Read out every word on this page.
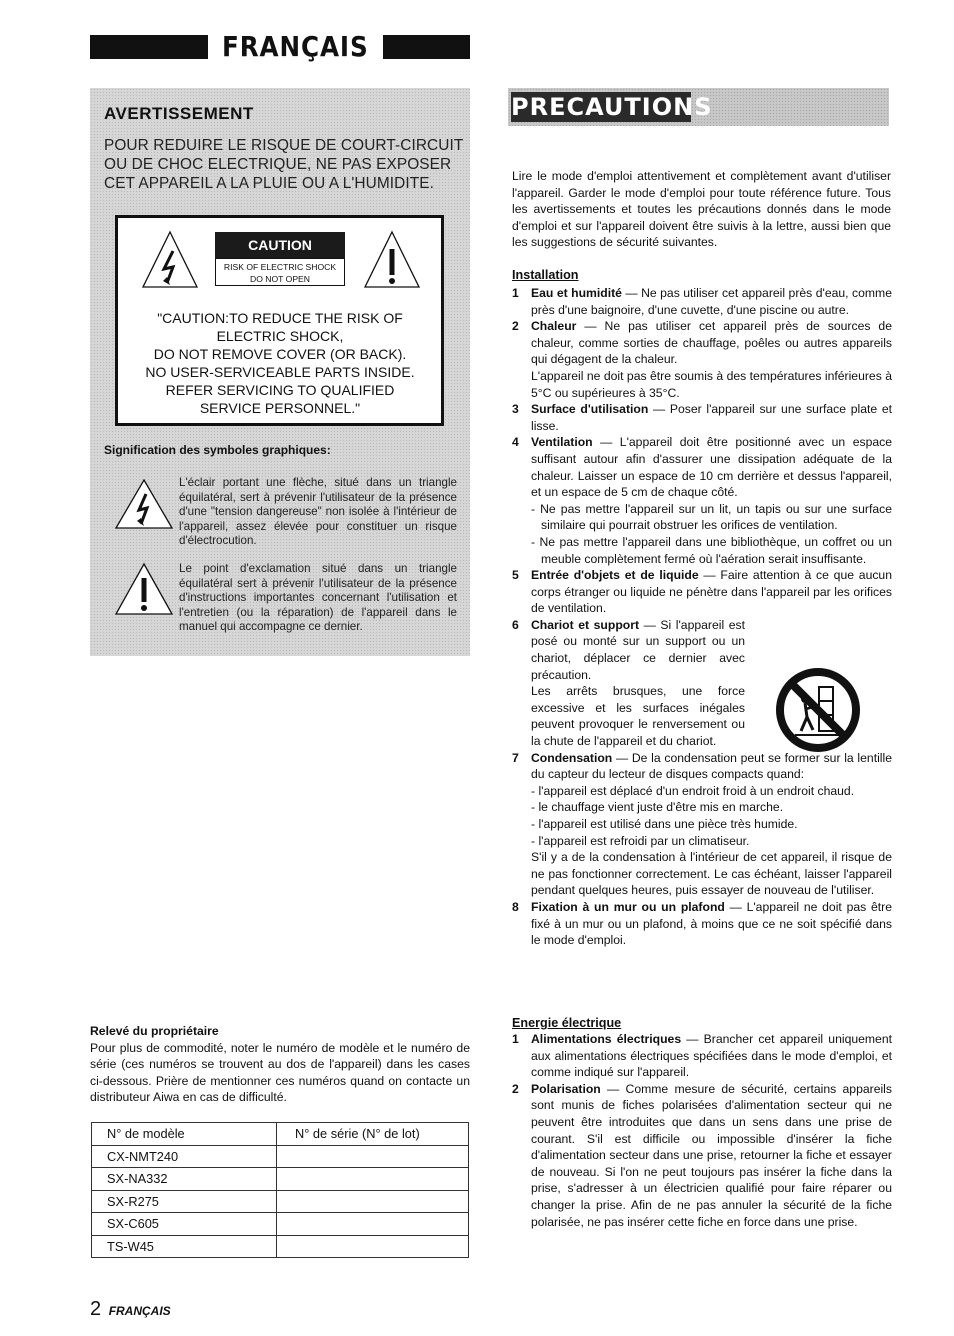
FRANÇAIS
AVERTISSEMENT
POUR REDUIRE LE RISQUE DE COURT-CIRCUIT
OU DE CHOC ELECTRIQUE, NE PAS EXPOSER
CET APPAREIL A LA PLUIE OU A L'HUMIDITE.
CAUTION
RISK OF ELECTRIC SHOCK
DO NOT OPEN
"CAUTION:TO REDUCE THE RISK OF
ELECTRIC SHOCK,
DO NOT REMOVE COVER (OR BACK).
NO USER-SERVICEABLE PARTS INSIDE.
REFER SERVICING TO QUALIFIED
SERVICE PERSONNEL."
Signification des symboles graphiques:
L'éclair portant une flèche, situé dans un triangle équilatéral, sert à prévenir l'utilisateur de la présence d'une "tension dangereuse" non isolée à l'intérieur de l'appareil, assez élevée pour constituer un risque d'électrocution.
Le point d'exclamation situé dans un triangle équilatéral sert à prévenir l'utilisateur de la présence d'instructions importantes concernant l'utilisation et l'entretien (ou la réparation) de l'appareil dans le manuel qui accompagne ce dernier.
Relevé du propriétaire
Pour plus de commodité, noter le numéro de modèle et le numéro de série (ces numéros se trouvent au dos de l'appareil) dans les cases ci-dessous. Prière de mentionner ces numéros quand on contacte un distributeur Aiwa en cas de difficulté.
N° de modèle	N° de série (N° de lot)
CX-NMT240	
SX-NA332	
SX-R275	
SX-C605	
TS-W45	
2 FRANÇAIS
PRECAUTIONS
Lire le mode d'emploi attentivement et complètement avant d'utiliser l'appareil. Garder le mode d'emploi pour toute référence future. Tous les avertissements et toutes les précautions donnés dans le mode d'emploi et sur l'appareil doivent être suivis à la lettre, aussi bien que les suggestions de sécurité suivantes.
Installation
1	Eau et humidité — Ne pas utiliser cet appareil près d'eau, comme près d'une baignoire, d'une cuvette, d'une piscine ou autre.
2	Chaleur — Ne pas utiliser cet appareil près de sources de chaleur, comme sorties de chauffage, poêles ou autres appareils qui dégagent de la chaleur.
L'appareil ne doit pas être soumis à des températures inférieures à 5°C ou supérieures à 35°C.
3	Surface d'utilisation — Poser l'appareil sur une surface plate et lisse.
4	Ventilation — L'appareil doit être positionné avec un espace suffisant autour afin d'assurer une dissipation adéquate de la chaleur. Laisser un espace de 10 cm derrière et dessus l'appareil, et un espace de 5 cm de chaque côté.
- Ne pas mettre l'appareil sur un lit, un tapis ou sur une surface similaire qui pourrait obstruer les orifices de ventilation.
- Ne pas mettre l'appareil dans une bibliothèque, un coffret ou un meuble complètement fermé où l'aération serait insuffisante.
5	Entrée d'objets et de liquide — Faire attention à ce que aucun corps étranger ou liquide ne pénètre dans l'appareil par les orifices de ventilation.
6	Chariot et support — Si l'appareil est posé ou monté sur un support ou un chariot, déplacer ce dernier avec précaution.
Les arrêts brusques, une force excessive et les surfaces inégales peuvent provoquer le renversement ou la chute de l'appareil et du chariot.
7	Condensation — De la condensation peut se former sur la lentille du capteur du lecteur de disques compacts quand:
- l'appareil est déplacé d'un endroit froid à un endroit chaud.
- le chauffage vient juste d'être mis en marche.
- l'appareil est utilisé dans une pièce très humide.
- l'appareil est refroidi par un climatiseur.
S'il y a de la condensation à l'intérieur de cet appareil, il risque de ne pas fonctionner correctement. Le cas échéant, laisser l'appareil pendant quelques heures, puis essayer de nouveau de l'utiliser.
8	Fixation à un mur ou un plafond — L'appareil ne doit pas être fixé à un mur ou un plafond, à moins que ce ne soit spécifié dans le mode d'emploi.
Energie électrique
1	Alimentations électriques — Brancher cet appareil uniquement aux alimentations électriques spécifiées dans le mode d'emploi, et comme indiqué sur l'appareil.
2	Polarisation — Comme mesure de sécurité, certains appareils sont munis de fiches polarisées d'alimentation secteur qui ne peuvent être introduites que dans un sens dans une prise de courant. S'il est difficile ou impossible d'insérer la fiche d'alimentation secteur dans une prise, retourner la fiche et essayer de nouveau. Si l'on ne peut toujours pas insérer la fiche dans la prise, s'adresser à un électricien qualifié pour faire réparer ou changer la prise. Afin de ne pas annuler la sécurité de la fiche polarisée, ne pas insérer cette fiche en force dans une prise.
